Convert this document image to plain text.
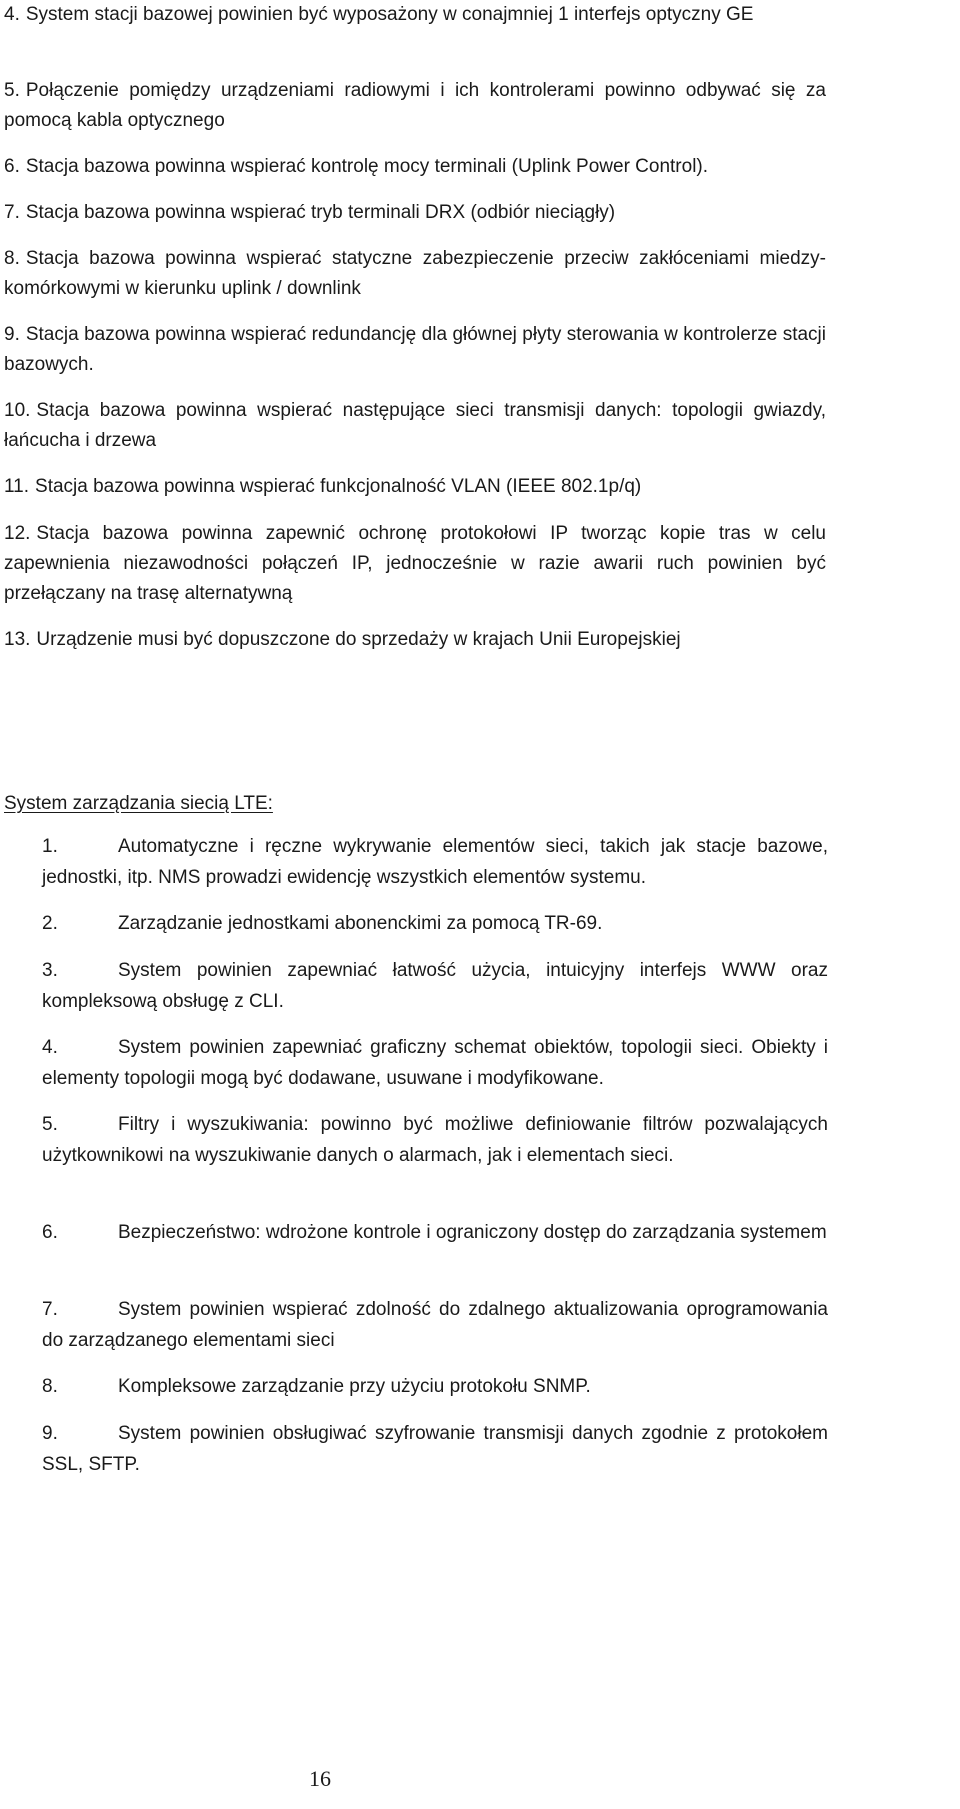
4. System stacji bazowej powinien być wyposażony w conajmniej 1 interfejs optyczny GE
5. Połączenie pomiędzy urządzeniami radiowymi i ich kontrolerami powinno odbywać się za pomocą kabla optycznego
6. Stacja bazowa powinna wspierać kontrolę mocy terminali (Uplink Power Control).
7. Stacja bazowa powinna wspierać tryb terminali DRX (odbiór nieciągły)
8. Stacja bazowa powinna wspierać statyczne zabezpieczenie przeciw zakłóceniami miedzy-komórkowymi w kierunku uplink / downlink
9. Stacja bazowa powinna wspierać redundancję dla głównej płyty sterowania w kontrolerze stacji bazowych.
10. Stacja bazowa powinna wspierać następujące sieci transmisji danych: topologii gwiazdy, łańcucha i drzewa
11. Stacja bazowa powinna wspierać funkcjonalność VLAN (IEEE 802.1p/q)
12. Stacja bazowa powinna zapewnić ochronę protokołowi IP tworząc kopie tras w celu zapewnienia niezawodności połączeń IP, jednocześnie w razie awarii ruch powinien być przełączany na trasę alternatywną
13. Urządzenie musi być dopuszczone do sprzedaży w krajach Unii Europejskiej
System zarządzania siecią LTE:
1.	Automatyczne i ręczne wykrywanie elementów sieci, takich jak stacje bazowe, jednostki, itp. NMS prowadzi ewidencję wszystkich elementów systemu.
2.	Zarządzanie jednostkami abonenckimi za pomocą TR-69.
3.	System powinien zapewniać łatwość użycia, intuicyjny interfejs WWW oraz kompleksową obsługę z CLI.
4.	System powinien zapewniać graficzny schemat obiektów, topologii sieci. Obiekty i elementy topologii mogą być dodawane, usuwane i modyfikowane.
5.	Filtry i wyszukiwania: powinno być możliwe definiowanie filtrów pozwalających użytkownikowi na wyszukiwanie danych o alarmach, jak i elementach sieci.
6.	Bezpieczeństwo: wdrożone kontrole i ograniczony dostęp do zarządzania systemem
7.	System powinien wspierać zdolność do zdalnego aktualizowania oprogramowania do zarządzanego elementami sieci
8.	Kompleksowe zarządzanie przy użyciu protokołu SNMP.
9.	System powinien obsługiwać szyfrowanie transmisji danych zgodnie z protokołem SSL, SFTP.
16
